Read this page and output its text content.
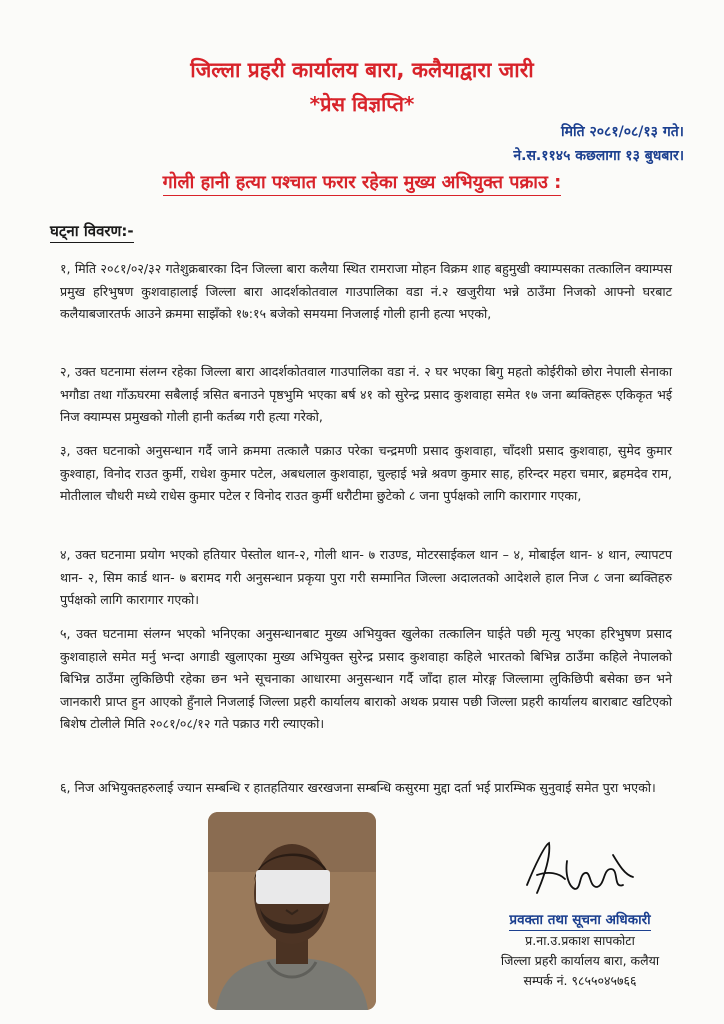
जिल्ला प्रहरी कार्यालय बारा, कलैयाद्वारा जारी
*प्रेस विज्ञप्ति*
मिति २०८१/०८/१३ गते।
ने.स.११४५ कछलागा १३ बुधबार।
गोली हानी हत्या पश्चात फरार रहेका मुख्य अभियुक्त पक्राउ :
घट्ना विवरण:-
१, मिति २०८१/०२/३२ गतेशुक्रबारका दिन जिल्ला बारा कलैया स्थित रामराजा मोहन विक्रम शाह बहुमुखी क्याम्पसका तत्कालिन क्याम्पस प्रमुख हरिभुषण कुशवाहालाई जिल्ला बारा आदर्शकोतवाल गाउपालिका वडा नं.२ खजुरीया भन्ने ठाउँमा निजको आफ्नो घरबाट कलैयाबजारतर्फ आउने क्रममा साझँको १७:१५ बजेको समयमा निजलाई गोली हानी हत्या भएको,
२, उक्त घटनामा संलग्न रहेका जिल्ला बारा आदर्शकोतवाल गाउपालिका वडा नं. २ घर भएका बिगु महतो कोईरीको छोरा नेपाली सेनाका भगौडा तथा गाँऊघरमा सबैलाई त्रसित बनाउने पृष्ठभुमि भएका बर्ष ४१ को सुरेन्द्र प्रसाद कुशवाहा समेत १७ जना ब्यक्तिहरू एकिकृत भई निज क्याम्पस प्रमुखको गोली हानी कर्तब्य गरी हत्या गरेको,
३, उक्त घटनाको अनुसन्धान गर्दै जाने क्रममा तत्कालै पक्राउ परेका चन्द्रमणी प्रसाद कुशवाहा, चाँदशी प्रसाद कुशवाहा, सुमेद कुमार कुश्वाहा, विनोद राउत कुर्मी, राधेश कुमार पटेल, अबधलाल कुशवाहा, चुल्हाई भन्ने श्रवण कुमार साह, हरिन्दर महरा चमार, ब्रहमदेव राम, मोतीलाल चौधरी मध्ये राधेस कुमार पटेल र विनोद राउत कुर्मी धरौटीमा छुटेको ८ जना पुर्पक्षको लागि कारागार गएका,
४, उक्त घटनामा प्रयोग भएको हतियार पेस्तोल थान-२, गोली थान- ७ राउण्ड, मोटरसाईकल थान – ४, मोबाईल थान- ४ थान, ल्यापटप थान- २, सिम कार्ड थान- ७ बरामद गरी अनुसन्धान प्रकृया पुरा गरी सम्मानित जिल्ला अदालतको आदेशले हाल निज ८ जना ब्यक्तिहरु पुर्पक्षको लागि कारागार गएको।
५, उक्त घटनामा संलग्न भएको भनिएका अनुसन्धानबाट मुख्य अभियुक्त खुलेका तत्कालिन घाईते पछी मृत्यु भएका हरिभुषण प्रसाद कुशवाहाले समेत मर्नु भन्दा अगाडी खुलाएका मुख्य अभियुक्त सुरेन्द्र प्रसाद कुशवाहा कहिले भारतको बिभिन्न ठाउँमा कहिले नेपालको बिभिन्न ठाउँमा लुकिछिपी रहेका छन भने सूचनाका आधारमा अनुसन्धान गर्दै जाँदा हाल मोरङ्ग जिल्लामा लुकिछिपी बसेका छन भने जानकारी प्राप्त हुन आएको हुँनाले निजलाई जिल्ला प्रहरी कार्यालय बाराको अथक प्रयास पछी जिल्ला प्रहरी कार्यालय बाराबाट खटिएको बिशेष टोलीले मिति २०८१/०८/१२ गते पक्राउ गरी ल्याएको।
६, निज अभियुक्तहरुलाई ज्यान सम्बन्धि र हातहतियार खरखजना सम्बन्धि कसुरमा मुद्दा दर्ता भई प्रारम्भिक सुनुवाई समेत पुरा भएको।
प्रवक्ता तथा सूचना अधिकारी
प्र.ना.उ.प्रकाश सापकोटा
जिल्ला प्रहरी कार्यालय बारा, कलैया
सम्पर्क नं. ९८५५०४५७६६
